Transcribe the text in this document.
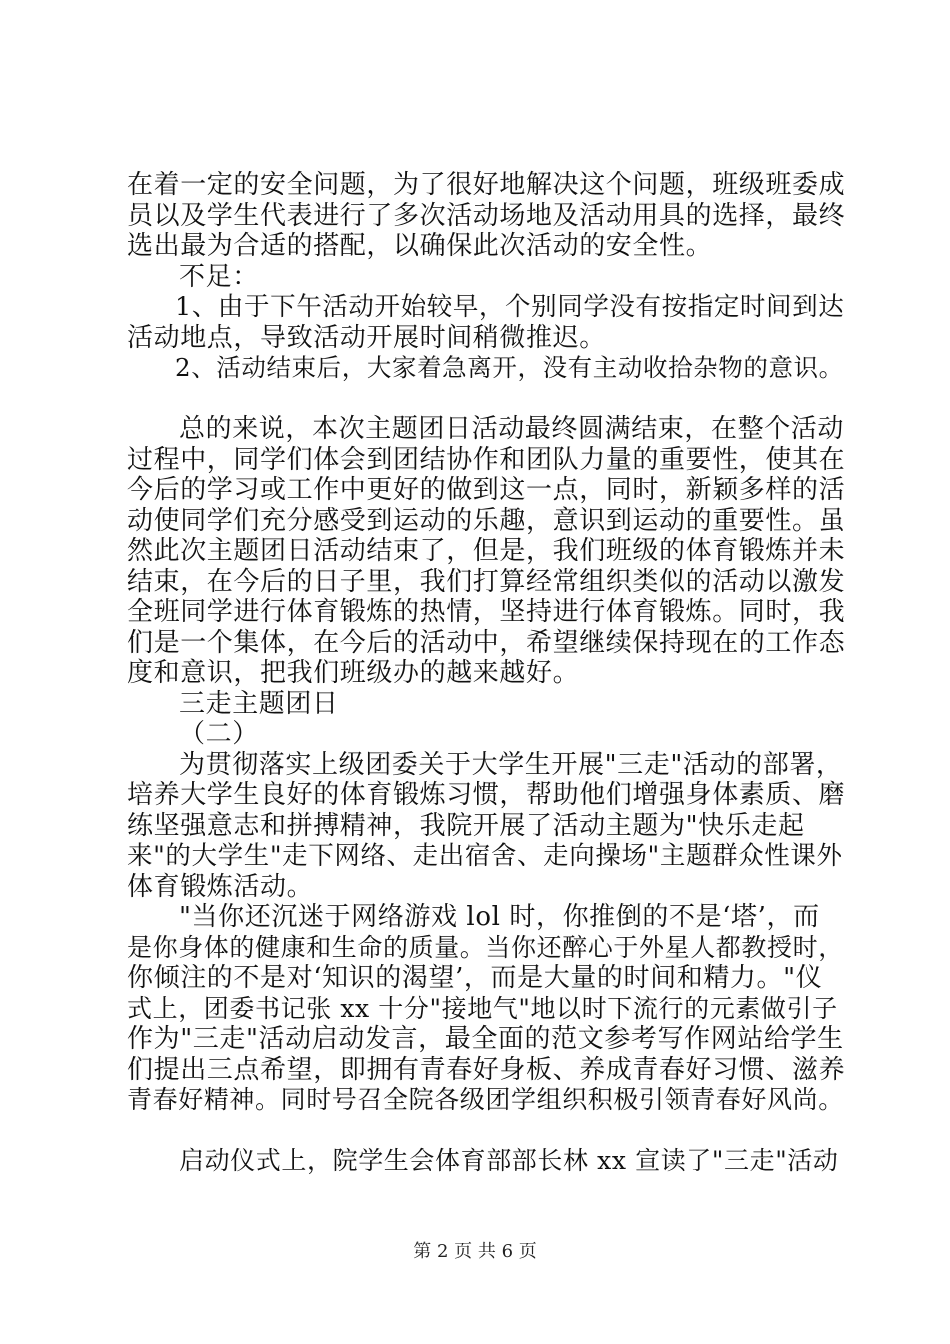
在着一定的安全问题，为了很好地解决这个问题，班级班委成
员以及学生代表进行了多次活动场地及活动用具的选择，最终
选出最为合适的搭配，以确保此次活动的安全性。
不足：
1、由于下午活动开始较早，个别同学没有按指定时间到达
活动地点，导致活动开展时间稍微推迟。
2、活动结束后，大家着急离开，没有主动收拾杂物的意识。
总的来说，本次主题团日活动最终圆满结束，在整个活动
过程中，同学们体会到团结协作和团队力量的重要性，使其在
今后的学习或工作中更好的做到这一点，同时，新颖多样的活
动使同学们充分感受到运动的乐趣，意识到运动的重要性。虽
然此次主题团日活动结束了，但是，我们班级的体育锻炼并未
结束，在今后的日子里，我们打算经常组织类似的活动以激发
全班同学进行体育锻炼的热情，坚持进行体育锻炼。同时，我
们是一个集体，在今后的活动中，希望继续保持现在的工作态
度和意识，把我们班级办的越来越好。
三走主题团日
（二）
为贯彻落实上级团委关于大学生开展"三走"活动的部署，
培养大学生良好的体育锻炼习惯，帮助他们增强身体素质、磨
练坚强意志和拼搏精神，我院开展了活动主题为"快乐走起
来"的大学生"走下网络、走出宿舍、走向操场"主题群众性课外
体育锻炼活动。
"当你还沉迷于网络游戏 lol 时，你推倒的不是‘塔’，而
是你身体的健康和生命的质量。当你还醉心于外星人都教授时，
你倾注的不是对‘知识的渴望’，而是大量的时间和精力。"仪
式上，团委书记张 xx 十分"接地气"地以时下流行的元素做引子
作为"三走"活动启动发言，最全面的范文参考写作网站给学生
们提出三点希望，即拥有青春好身板、养成青春好习惯、滋养
青春好精神。同时号召全院各级团学组织积极引领青春好风尚。
启动仪式上，院学生会体育部部长林 xx 宣读了"三走"活动
第 2 页 共 6 页
